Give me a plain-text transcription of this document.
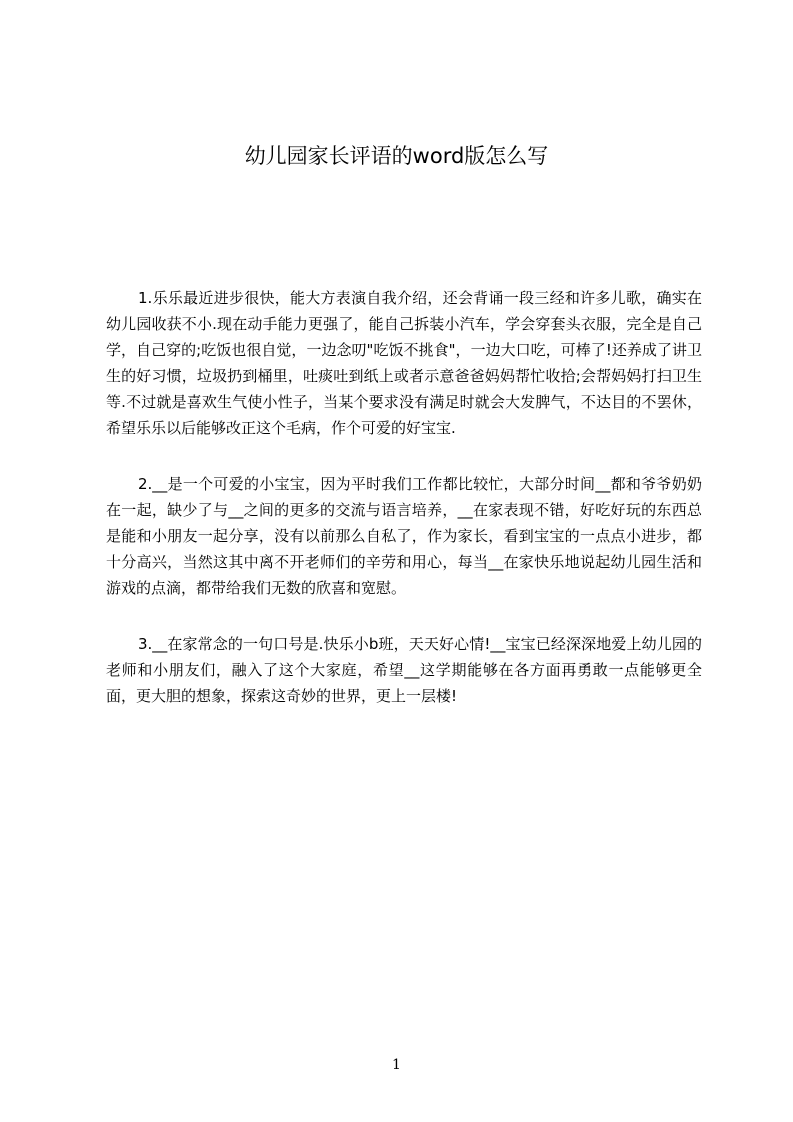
幼儿园家长评语的word版怎么写

1.乐乐最近进步很快，能大方表演自我介绍，还会背诵一段三经和许多儿歌，确实在幼儿园收获不小.现在动手能力更强了，能自己拆装小汽车，学会穿套头衣服，完全是自己学，自己穿的;吃饭也很自觉，一边念叨"吃饭不挑食"，一边大口吃，可棒了!还养成了讲卫生的好习惯，垃圾扔到桶里，吐痰吐到纸上或者示意爸爸妈妈帮忙收拾;会帮妈妈打扫卫生等.不过就是喜欢生气使小性子，当某个要求没有满足时就会大发脾气，不达目的不罢休，希望乐乐以后能够改正这个毛病，作个可爱的好宝宝.

2.__是一个可爱的小宝宝，因为平时我们工作都比较忙，大部分时间__都和爷爷奶奶在一起，缺少了与__之间的更多的交流与语言培养，__在家表现不错，好吃好玩的东西总是能和小朋友一起分享，没有以前那么自私了，作为家长，看到宝宝的一点点小进步，都十分高兴，当然这其中离不开老师们的辛劳和用心，每当__在家快乐地说起幼儿园生活和游戏的点滴，都带给我们无数的欣喜和宽慰。

3.__在家常念的一句口号是.快乐小b班，天天好心情!__宝宝已经深深地爱上幼儿园的老师和小朋友们，融入了这个大家庭，希望__这学期能够在各方面再勇敢一点能够更全面，更大胆的想象，探索这奇妙的世界，更上一层楼!

1
